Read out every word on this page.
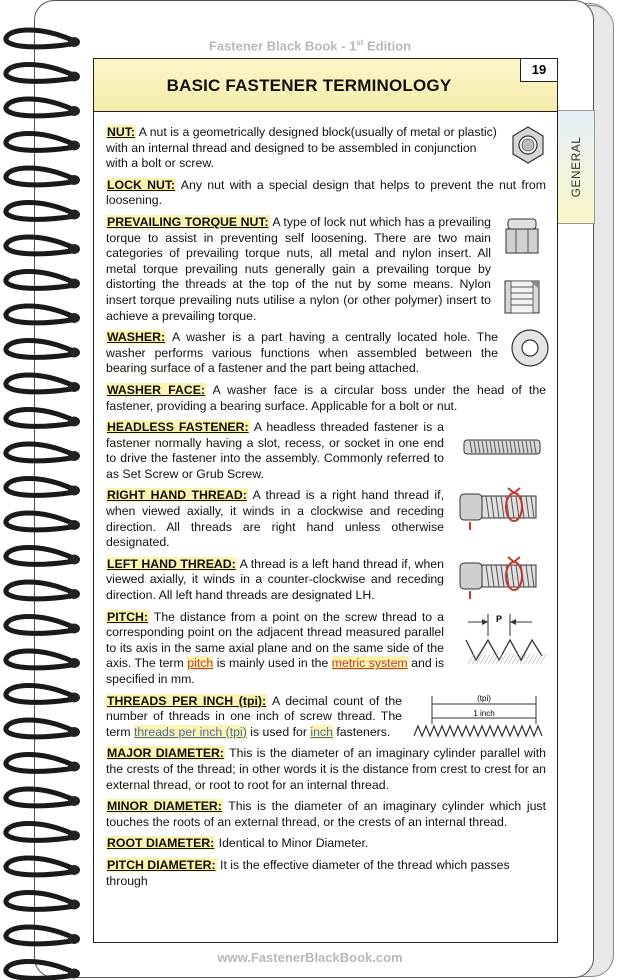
Fastener Black Book - 1st Edition
GENERAL
BASIC FASTENER TERMINOLOGY
19
NUT: A nut is a geometrically designed block(usually of metal or plastic) with an internal thread and designed to be assembled in conjunction with a bolt or screw.
LOCK NUT: Any nut with a special design that helps to prevent the nut from loosening.
PREVAILING TORQUE NUT: A type of lock nut which has a prevailing torque to assist in preventing self loosening. There are two main categories of prevailing torque nuts, all metal and nylon insert. All metal torque prevailing nuts generally gain a prevailing torque by distorting the threads at the top of the nut by some means. Nylon insert torque prevailing nuts utilise a nylon (or other polymer) insert to achieve a prevailing torque.
WASHER: A washer is a part having a centrally located hole. The washer performs various functions when assembled between the bearing surface of a fastener and the part being attached.
WASHER FACE: A washer face is a circular boss under the head of the fastener, providing a bearing surface. Applicable for a bolt or nut.
HEADLESS FASTENER: A headless threaded fastener is a fastener normally having a slot, recess, or socket in one end to drive the fastener into the assembly. Commonly referred to as Set Screw or Grub Screw.
RIGHT HAND THREAD: A thread is a right hand thread if, when viewed axially, it winds in a clockwise and receding direction. All threads are right hand unless otherwise designated.
LEFT HAND THREAD: A thread is a left hand thread if, when viewed axially, it winds in a counter-clockwise and receding direction. All left hand threads are designated LH.
PITCH: The distance from a point on the screw thread to a corresponding point on the adjacent thread measured parallel to its axis in the same axial plane and on the same side of the axis. The term pitch is mainly used in the metric system and is specified in mm.
P
THREADS PER INCH (tpi): A decimal count of the number of threads in one inch of screw thread. The term threads per inch (tpi) is used for inch fasteners.
(tpi)
1 inch
MAJOR DIAMETER: This is the diameter of an imaginary cylinder parallel with the crests of the thread; in other words it is the distance from crest to crest for an external thread, or root to root for an internal thread.
MINOR DIAMETER: This is the diameter of an imaginary cylinder which just touches the roots of an external thread, or the crests of an internal thread.
ROOT DIAMETER: Identical to Minor Diameter.
PITCH DIAMETER: It is the effective diameter of the thread which passes through
www.FastenerBlackBook.com
